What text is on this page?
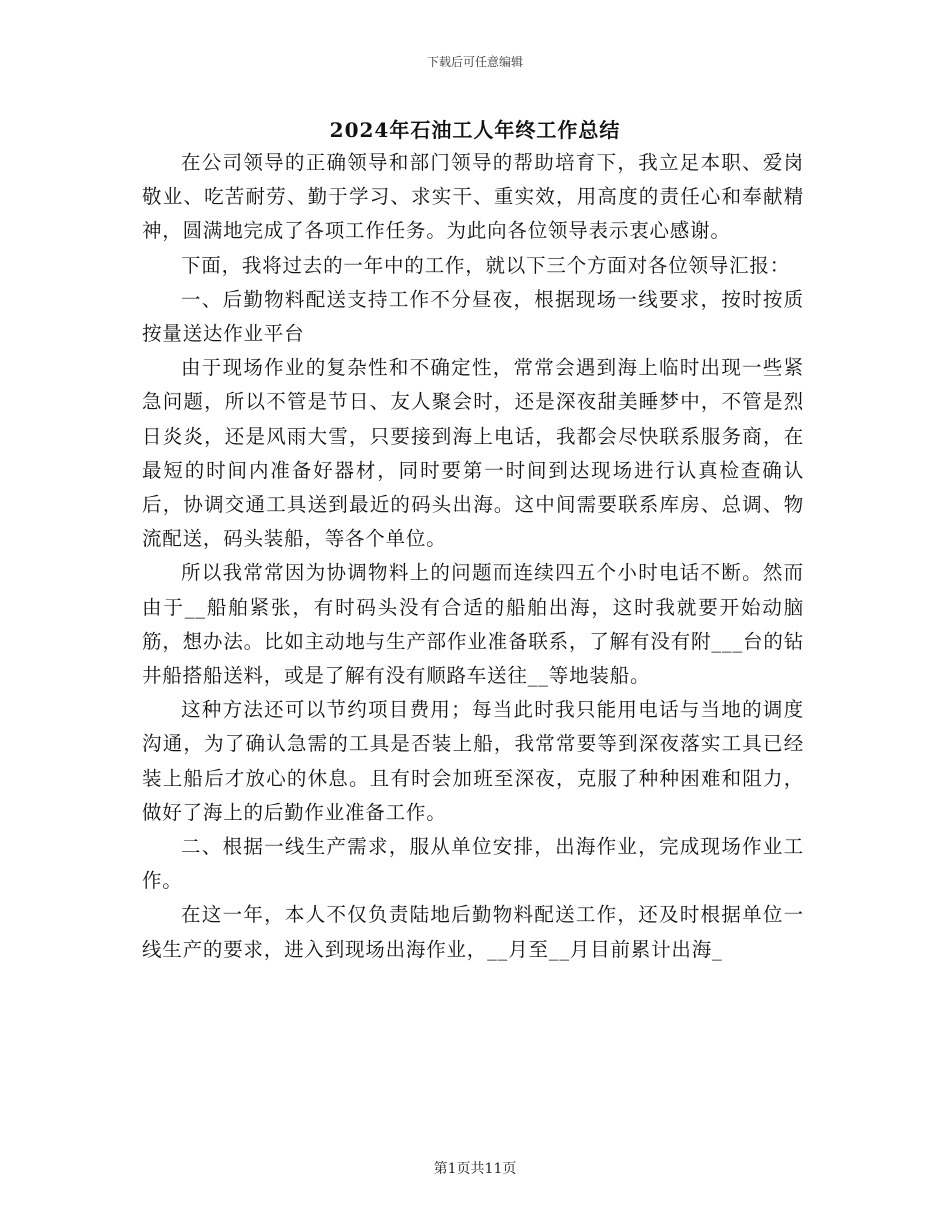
下载后可任意编辑
2024年石油工人年终工作总结

在公司领导的正确领导和部门领导的帮助培育下，我立足本职、爱岗敬业、吃苦耐劳、勤于学习、求实干、重实效，用高度的责任心和奉献精神，圆满地完成了各项工作任务。为此向各位领导表示衷心感谢。

下面，我将过去的一年中的工作，就以下三个方面对各位领导汇报：

一、后勤物料配送支持工作不分昼夜，根据现场一线要求，按时按质按量送达作业平台

由于现场作业的复杂性和不确定性，常常会遇到海上临时出现一些紧急问题，所以不管是节日、友人聚会时，还是深夜甜美睡梦中，不管是烈日炎炎，还是风雨大雪，只要接到海上电话，我都会尽快联系服务商，在最短的时间内准备好器材，同时要第一时间到达现场进行认真检查确认后，协调交通工具送到最近的码头出海。这中间需要联系库房、总调、物流配送，码头装船，等各个单位。

所以我常常因为协调物料上的问题而连续四五个小时电话不断。然而由于__船舶紧张，有时码头没有合适的船舶出海，这时我就要开始动脑筋，想办法。比如主动地与生产部作业准备联系，了解有没有附___台的钻井船搭船送料，或是了解有没有顺路车送往__等地装船。

这种方法还可以节约项目费用；每当此时我只能用电话与当地的调度沟通，为了确认急需的工具是否装上船，我常常要等到深夜落实工具已经装上船后才放心的休息。且有时会加班至深夜，克服了种种困难和阻力，做好了海上的后勤作业准备工作。

二、根据一线生产需求，服从单位安排，出海作业，完成现场作业工作。

在这一年，本人不仅负责陆地后勤物料配送工作，还及时根据单位一线生产的要求，进入到现场出海作业，__月至__月目前累计出海_

第1页共11页
